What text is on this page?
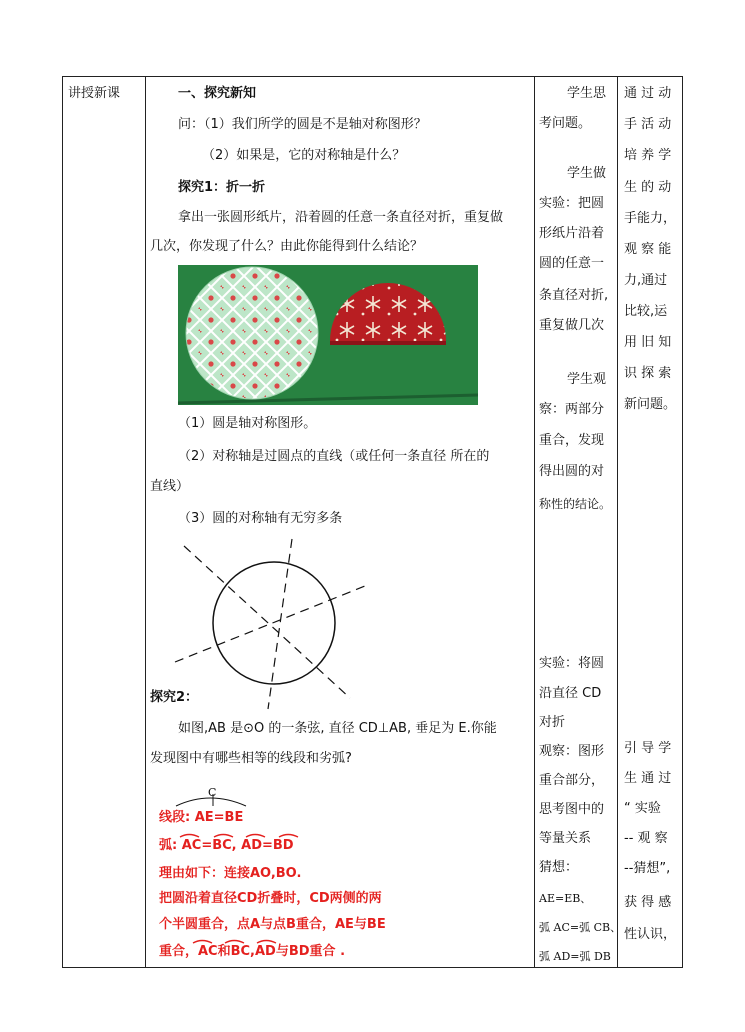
讲授新课	一、探究新知
问：（1）我们所学的圆是不是轴对称图形？
（2）如果是，它的对称轴是什么？
探究1：折一折
拿出一张圆形纸片，沿着圆的任意一条直径对折，重复做
几次，你发现了什么？由此你能得到什么结论？
（1）圆是轴对称图形。
（2）对称轴是过圆点的直线（或任何一条直径 所在的
直线）
（3）圆的对称轴有无穷多条
探究2：
如图,AB 是⊙O 的一条弦, 直径 CD⊥AB, 垂足为 E.你能
发现图中有哪些相等的线段和劣弧?
C
线段: AE=BE
弧: AC=BC, AD=BD
理由如下：连接AO,BO.
把圆沿着直径CD折叠时，CD两侧的两
个半圆重合，点A与点B重合，AE与BE
重合，AC和BC,AD与BD重合 .
学生思
考问题。
学生做
实验：把圆
形纸片沿着
圆的任意一
条直径对折,
重复做几次
学生观
察：两部分
重合，发现
得出圆的对
称性的结论。
实验：将圆
沿直径 CD
对折
观察：图形
重合部分，
思考图中的
等量关系
猜想：
AE=EB、
弧 AC=弧 CB、
弧 AD=弧 DB
通 过 动
手 活 动
培 养 学
生 的 动
手能力，
观 察 能
力,通过
比较,运
用 旧 知
识 探 索
新问题。
引 导 学
生 通 过
“ 实验
-- 观 察
--猜想”,
获 得 感
性认识，
